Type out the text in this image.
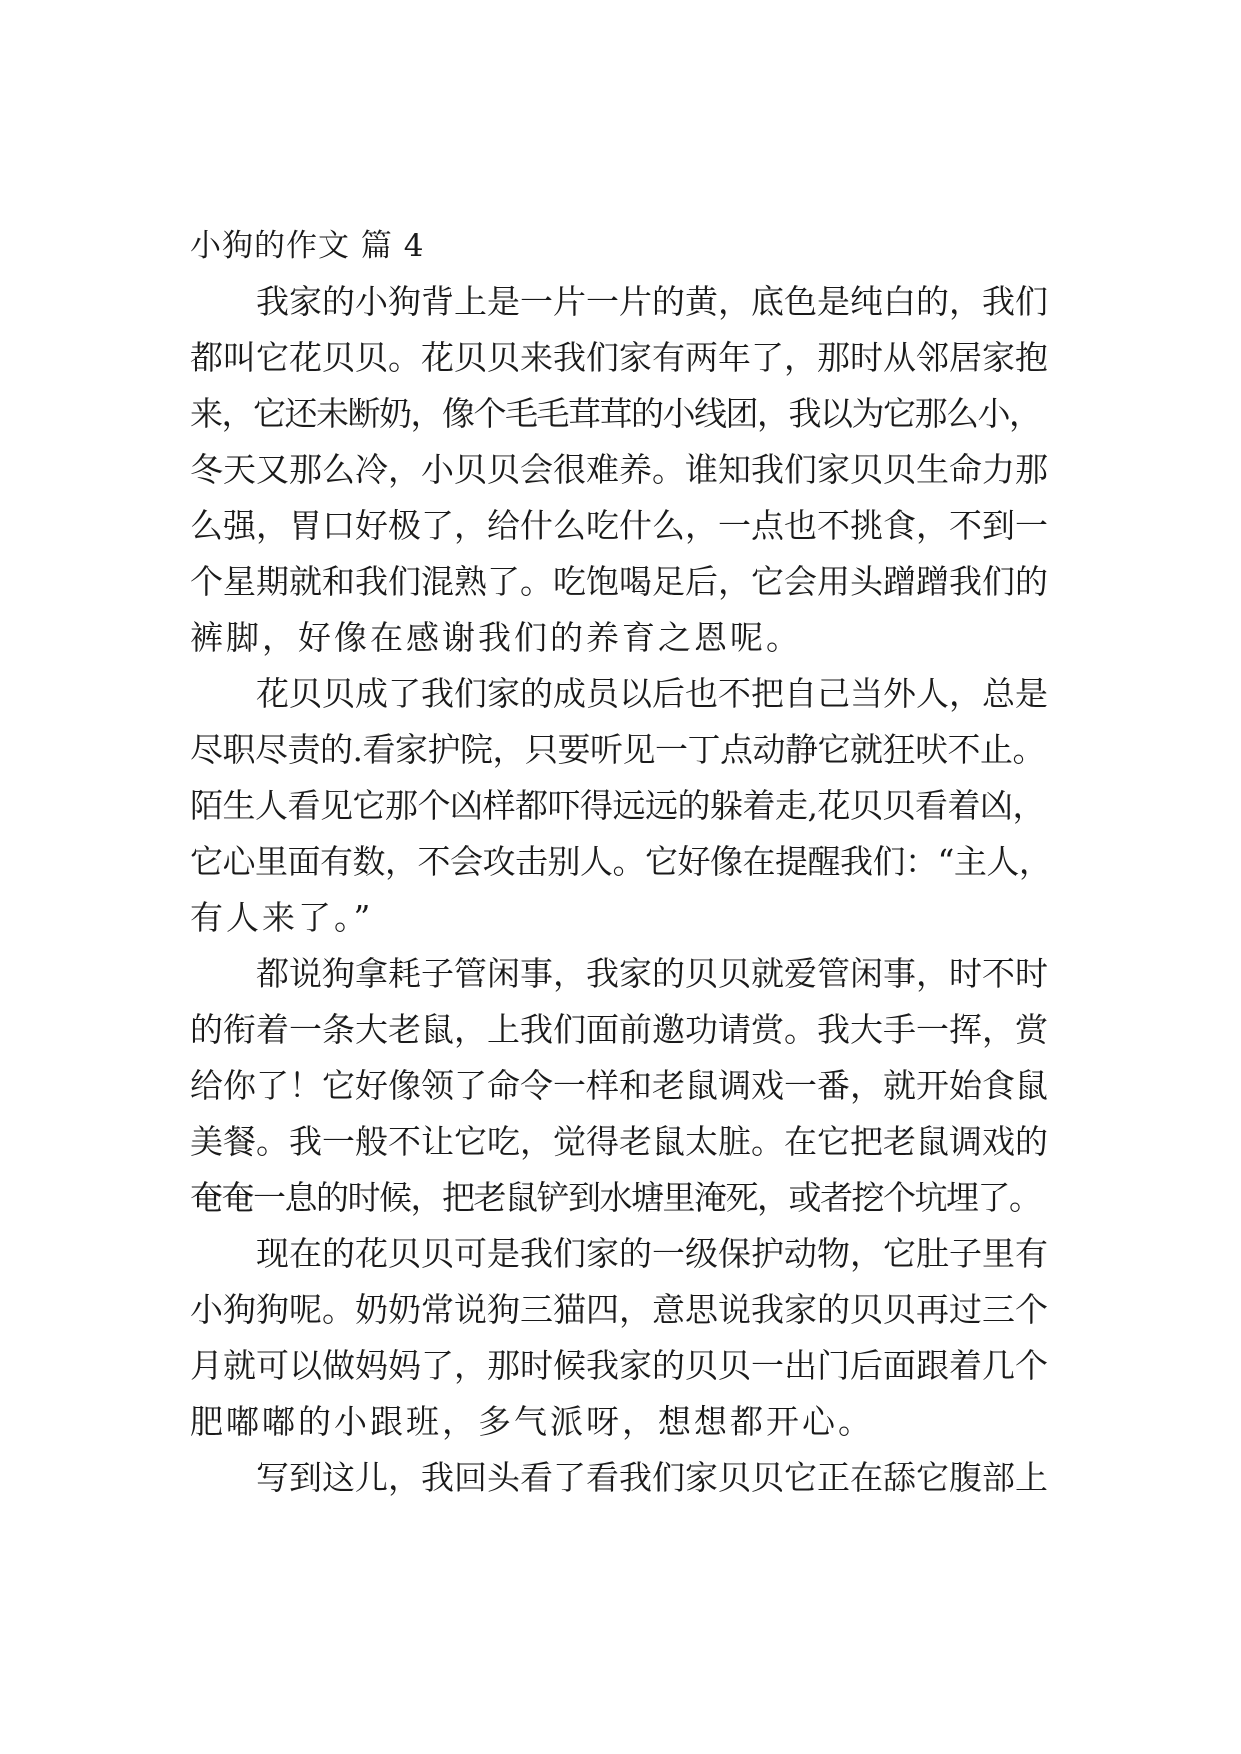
小狗的作文 篇 4
我家的小狗背上是一片一片的黄，底色是纯白的，我们
都叫它花贝贝。花贝贝来我们家有两年了，那时从邻居家抱
来，它还未断奶，像个毛毛茸茸的小线团，我以为它那么小，
冬天又那么冷，小贝贝会很难养。谁知我们家贝贝生命力那
么强，胃口好极了，给什么吃什么，一点也不挑食，不到一
个星期就和我们混熟了。吃饱喝足后，它会用头蹭蹭我们的
裤脚，好像在感谢我们的养育之恩呢。
花贝贝成了我们家的成员以后也不把自己当外人，总是
尽职尽责的.看家护院，只要听见一丁点动静它就狂吠不止。
陌生人看见它那个凶样都吓得远远的躲着走,花贝贝看着凶，
它心里面有数，不会攻击别人。它好像在提醒我们：“主人，
有人来了。”
都说狗拿耗子管闲事，我家的贝贝就爱管闲事，时不时
的衔着一条大老鼠，上我们面前邀功请赏。我大手一挥，赏
给你了！它好像领了命令一样和老鼠调戏一番，就开始食鼠
美餐。我一般不让它吃，觉得老鼠太脏。在它把老鼠调戏的
奄奄一息的时候，把老鼠铲到水塘里淹死，或者挖个坑埋了。
现在的花贝贝可是我们家的一级保护动物，它肚子里有
小狗狗呢。奶奶常说狗三猫四，意思说我家的贝贝再过三个
月就可以做妈妈了，那时候我家的贝贝一出门后面跟着几个
肥嘟嘟的小跟班，多气派呀，想想都开心。
写到这儿，我回头看了看我们家贝贝它正在舔它腹部上
